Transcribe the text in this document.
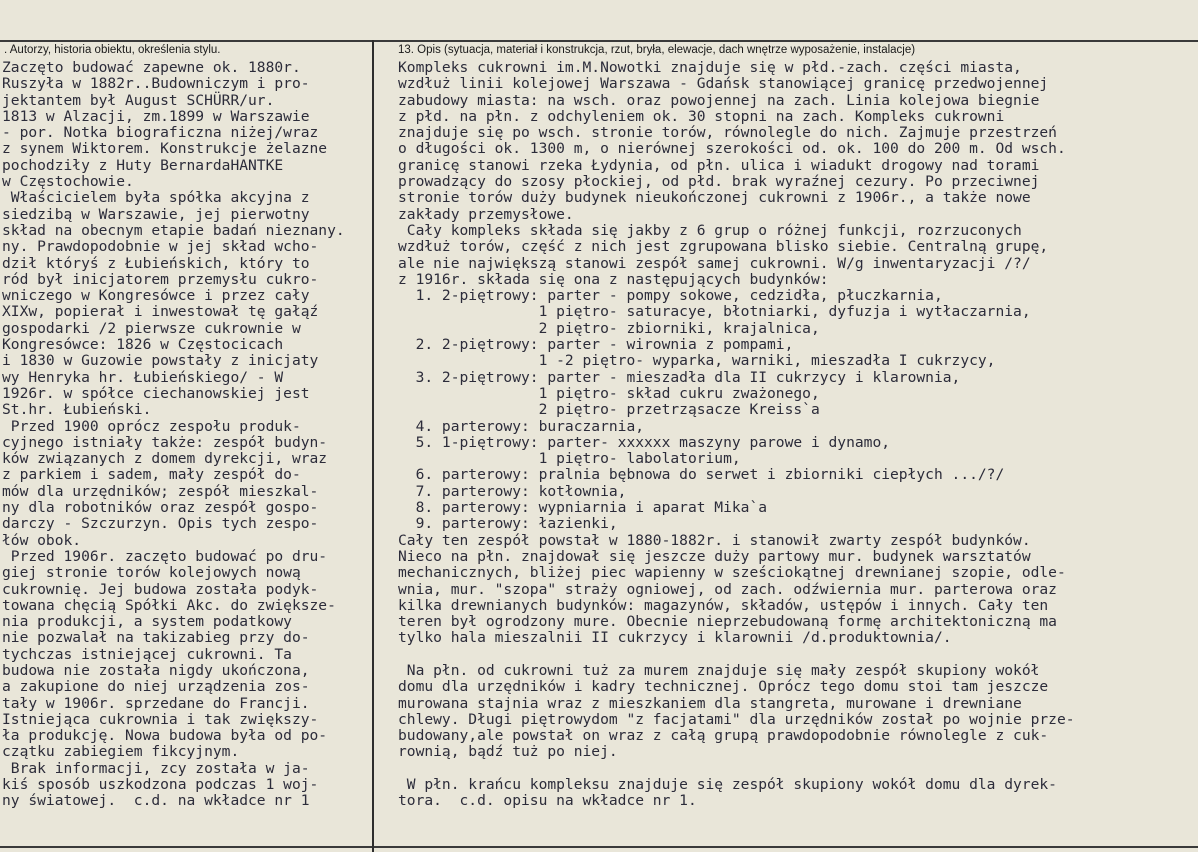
. Autorzy, historia obiektu, określenia stylu.	13. Opis (sytuacja, materiał i konstrukcja, rzut, bryła, elewacje, dach wnętrze wyposażenie, instalacje)
Zaczęto budować zapewne ok. 1880r.
Ruszyła w 1882r..Budowniczym i pro-
jektantem był August SCHÜRR/ur.
1813 w Alzacji, zm.1899 w Warszawie
- por. Notka biograficzna niżej/wraz
z synem Wiktorem. Konstrukcje żelazne
pochodziły z Huty BernardaHANTKE
w Częstochowie.
Właścicielem była spółka akcyjna z
siedzibą w Warszawie, jej pierwotny
skład na obecnym etapie badań nieznany.
ny. Prawdopodobnie w jej skład wcho-
dził któryś z Łubieńskich, który to
ród był inicjatorem przemysłu cukro-
wniczego w Kongresówce i przez cały
XIXw, popierał i inwestował tę gałąź
gospodarki /2 pierwsze cukrownie w
Kongresówce: 1826 w Częstocicach
i 1830 w Guzowie powstały z inicjaty
wy Henryka hr. Łubieńskiego/ - W
1926r. w spółce ciechanowskiej jest
St.hr. Łubieński.
Przed 1900 oprócz zespołu produk-
cyjnego istniały także: zespół budyn-
ków związanych z domem dyrekcji, wraz
z parkiem i sadem, mały zespół do-
mów dla urzędników; zespół mieszkal-
ny dla robotników oraz zespół gospo-
darczy - Szczurzyn. Opis tych zespo-
łów obok.
Przed 1906r. zaczęto budować po dru-
giej stronie torów kolejowych nową
cukrownię. Jej budowa została podyk-
towana chęcią Spółki Akc. do zwiększe-
nia produkcji, a system podatkowy
nie pozwalał na takizabieg przy do-
tychczas istniejącej cukrowni. Ta
budowa nie została nigdy ukończona,
a zakupione do niej urządzenia zos-
tały w 1906r. sprzedane do Francji.
Istniejąca cukrownia i tak zwiększy-
ła produkcję. Nowa budowa była od po-
czątku zabiegiem fikcyjnym.
Brak informacji, zcy została w ja-
kiś sposób uszkodzona podczas 1 woj-
ny światowej.  c.d. na wkładce nr 1
Kompleks cukrowni im.M.Nowotki znajduje się w płd.-zach. części miasta,
wzdłuż linii kolejowej Warszawa - Gdańsk stanowiącej granicę przedwojennej
zabudowy miasta: na wsch. oraz powojennej na zach. Linia kolejowa biegnie
z płd. na płn. z odchyleniem ok. 30 stopni na zach. Kompleks cukrowni
znajduje się po wsch. stronie torów, równolegle do nich. Zajmuje przestrzeń
o długości ok. 1300 m, o nierównej szerokości od. ok. 100 do 200 m. Od wsch.
granicę stanowi rzeka Łydynia, od płn. ulica i wiadukt drogowy nad torami
prowadzący do szosy płockiej, od płd. brak wyraźnej cezury. Po przeciwnej
stronie torów duży budynek nieukończonej cukrowni z 1906r., a także nowe
zakłady przemysłowe.
Cały kompleks składa się jakby z 6 grup o różnej funkcji, rozrzuconych
wzdłuż torów, część z nich jest zgrupowana blisko siebie. Centralną grupę,
ale nie największą stanowi zespół samej cukrowni. W/g inwentaryzacji /?/
z 1916r. składa się ona z następujących budynków:
1. 2-piętrowy: parter - pompy sokowe, cedzidła, płuczkarnia,
1 piętro- saturacye, błotniarki, dyfuzja i wytłaczarnia,
2 piętro- zbiorniki, krajalnica,
2. 2-piętrowy: parter - wirownia z pompami,
1 -2 piętro- wyparka, warniki, mieszadła I cukrzycy,
3. 2-piętrowy: parter - mieszadła dla II cukrzycy i klarownia,
1 piętro- skład cukru zważonego,
2 piętro- przetrząsacze Kreiss`a
4. parterowy: buraczarnia,
5. 1-piętrowy: parter- xxxxxx maszyny parowe i dynamo,
1 piętro- labolatorium,
6. parterowy: pralnia bębnowa do serwet i zbiorniki ciepłych .../?/
7. parterowy: kotłownia,
8. parterowy: wypniarnia i aparat Mika`a
9. parterowy: łazienki,
Cały ten zespół powstał w 1880-1882r. i stanowił zwarty zespół budynków.
Nieco na płn. znajdował się jeszcze duży partowy mur. budynek warsztatów
mechanicznych, bliżej piec wapienny w sześciokątnej drewnianej szopie, odle-
wnia, mur. "szopa" straży ogniowej, od zach. odźwiernia mur. parterowa oraz
kilka drewnianych budynków: magazynów, składów, ustępów i innych. Cały ten
teren był ogrodzony mure. Obecnie nieprzebudowaną formę architektoniczną ma
tylko hala mieszalnii II cukrzycy i klarownii /d.produktownia/.
Na płn. od cukrowni tuż za murem znajduje się mały zespół skupiony wokół
domu dla urzędników i kadry technicznej. Oprócz tego domu stoi tam jeszcze
murowana stajnia wraz z mieszkaniem dla stangreta, murowane i drewniane
chlewy. Długi piętrowydom "z facjatami" dla urzędników został po wojnie prze-
budowany,ale powstał on wraz z całą grupą prawdopodobnie równolegle z cuk-
rownią, bądź tuż po niej.
W płn. krańcu kompleksu znajduje się zespół skupiony wokół domu dla dyrek-
tora.  c.d. opisu na wkładce nr 1.
